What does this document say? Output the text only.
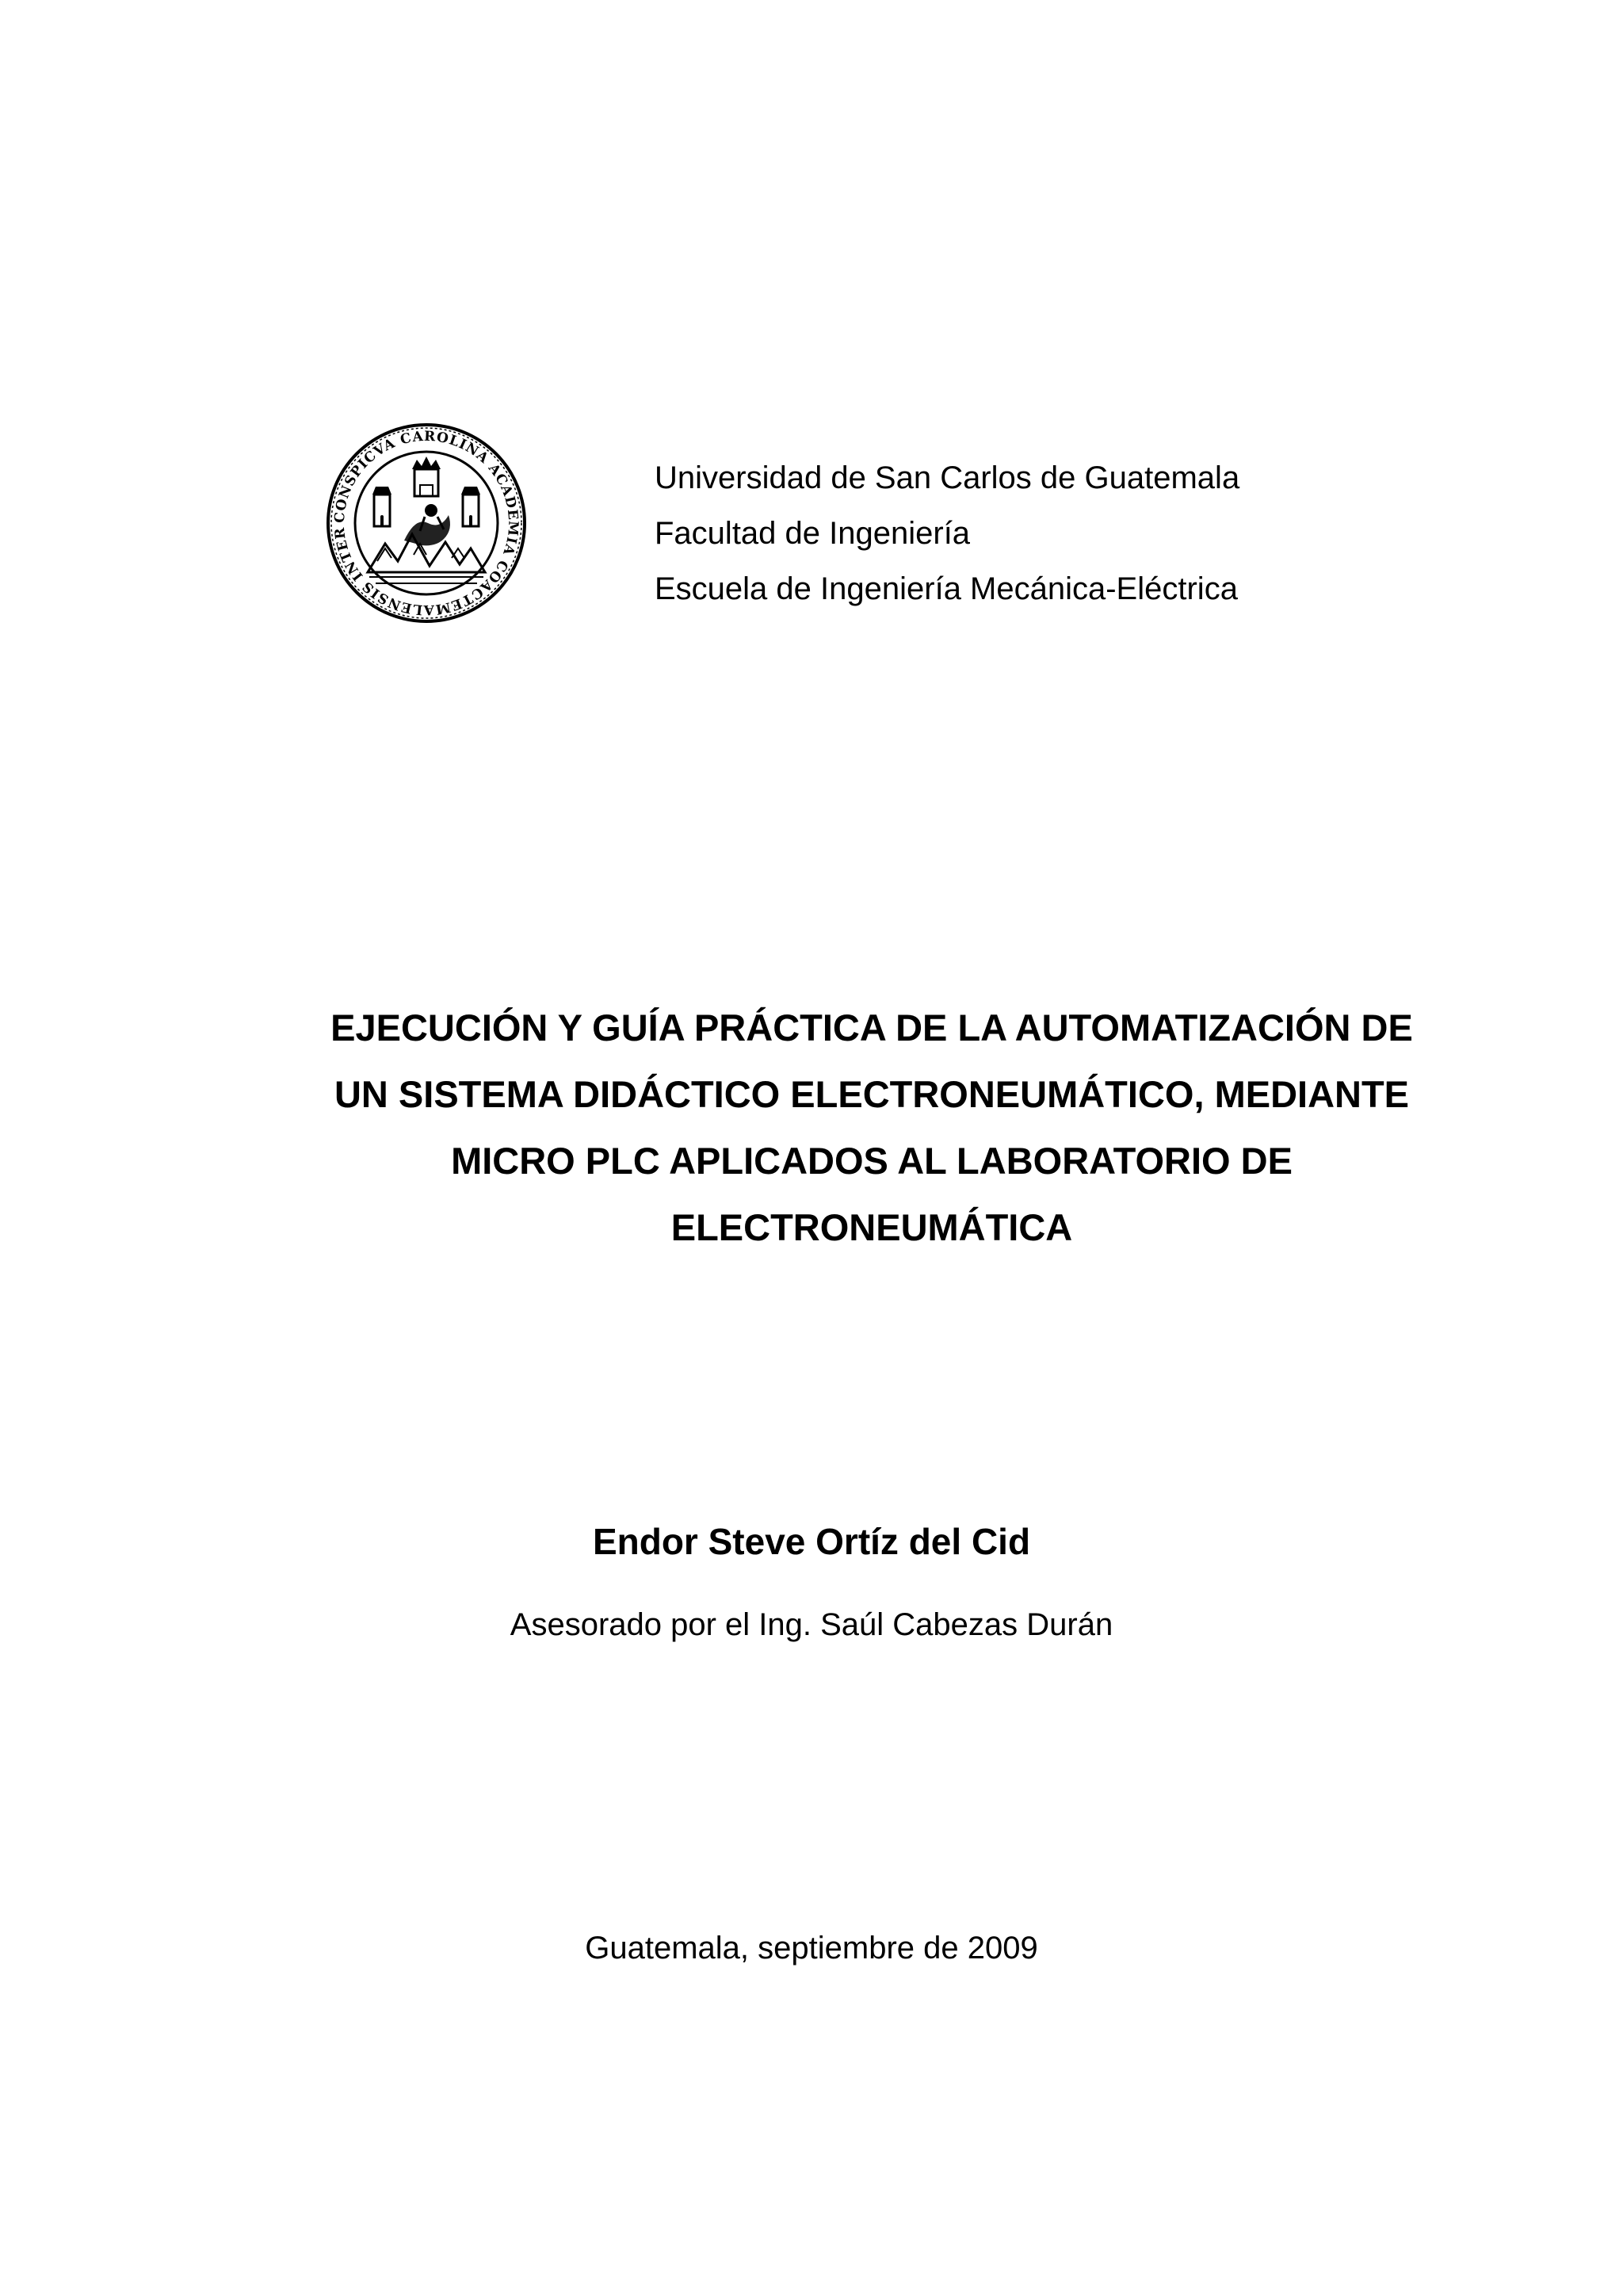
CONSPICVA CAROLINA ACADEMIA COACTEMALENSIS INTER
Universidad de San Carlos de Guatemala
Facultad de Ingeniería
Escuela de Ingeniería Mecánica-Eléctrica
EJECUCIÓN Y GUÍA PRÁCTICA DE LA AUTOMATIZACIÓN DE
UN SISTEMA DIDÁCTICO ELECTRONEUMÁTICO, MEDIANTE
MICRO PLC APLICADOS AL LABORATORIO DE
ELECTRONEUMÁTICA
Endor Steve Ortíz del Cid
Asesorado por el Ing. Saúl Cabezas Durán
Guatemala, septiembre de 2009
